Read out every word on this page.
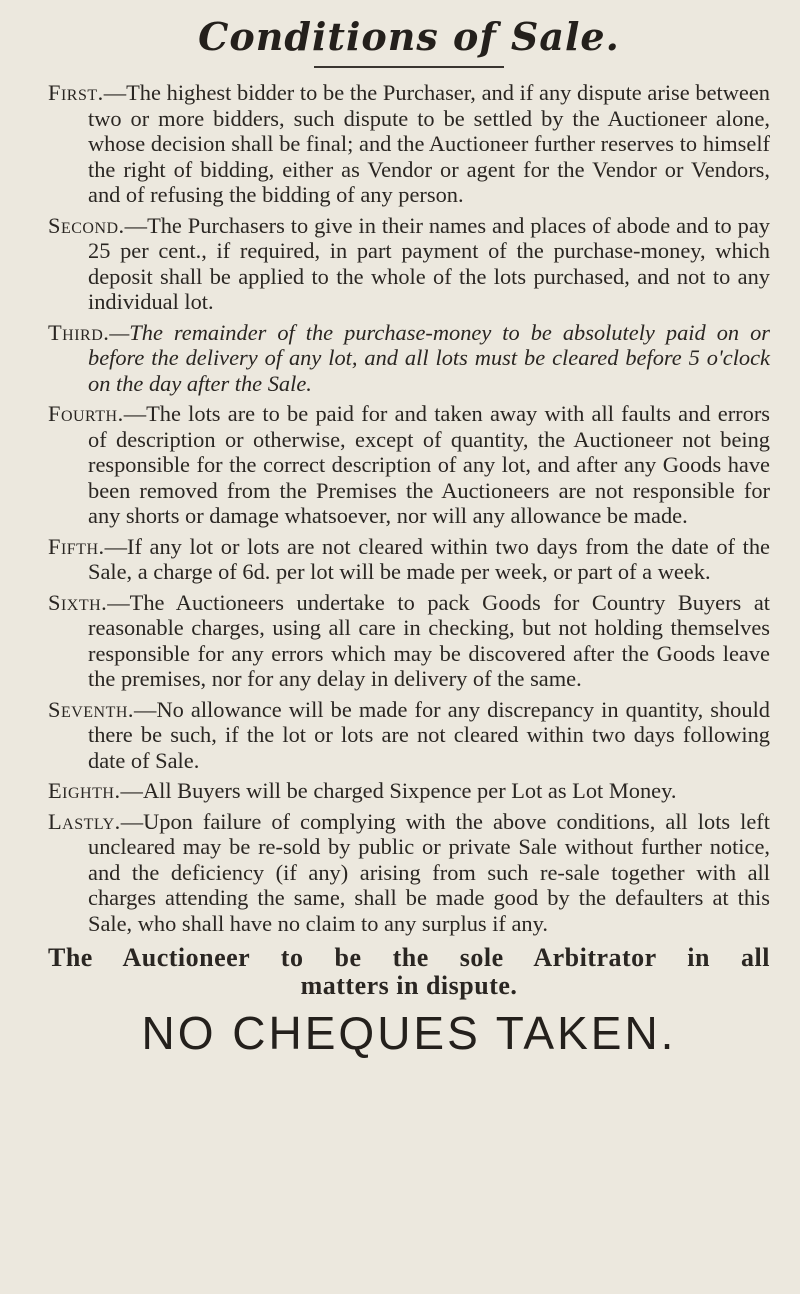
Conditions of Sale.

First.—The highest bidder to be the Purchaser, and if any dispute arise between two or more bidders, such dispute to be settled by the Auctioneer alone, whose decision shall be final; and the Auctioneer further reserves to himself the right of bidding, either as Vendor or agent for the Vendor or Vendors, and of refusing the bidding of any person.

Second.—The Purchasers to give in their names and places of abode and to pay 25 per cent., if required, in part payment of the purchase-money, which deposit shall be applied to the whole of the lots purchased, and not to any individual lot.

Third.—The remainder of the purchase-money to be absolutely paid on or before the delivery of any lot, and all lots must be cleared before 5 o'clock on the day after the Sale.

Fourth.—The lots are to be paid for and taken away with all faults and errors of description or otherwise, except of quantity, the Auctioneer not being responsible for the correct description of any lot, and after any Goods have been removed from the Premises the Auctioneers are not responsible for any shorts or damage whatsoever, nor will any allowance be made.

Fifth.—If any lot or lots are not cleared within two days from the date of the Sale, a charge of 6d. per lot will be made per week, or part of a week.

Sixth.—The Auctioneers undertake to pack Goods for Country Buyers at reasonable charges, using all care in checking, but not holding themselves responsible for any errors which may be discovered after the Goods leave the premises, nor for any delay in delivery of the same.

Seventh.—No allowance will be made for any discrepancy in quantity, should there be such, if the lot or lots are not cleared within two days following date of Sale.

Eighth.—All Buyers will be charged Sixpence per Lot as Lot Money.

Lastly.—Upon failure of complying with the above conditions, all lots left uncleared may be re-sold by public or private Sale without further notice, and the deficiency (if any) arising from such re-sale together with all charges attending the same, shall be made good by the defaulters at this Sale, who shall have no claim to any surplus if any.

The Auctioneer to be the sole Arbitrator in all
matters in dispute.

NO CHEQUES TAKEN.
